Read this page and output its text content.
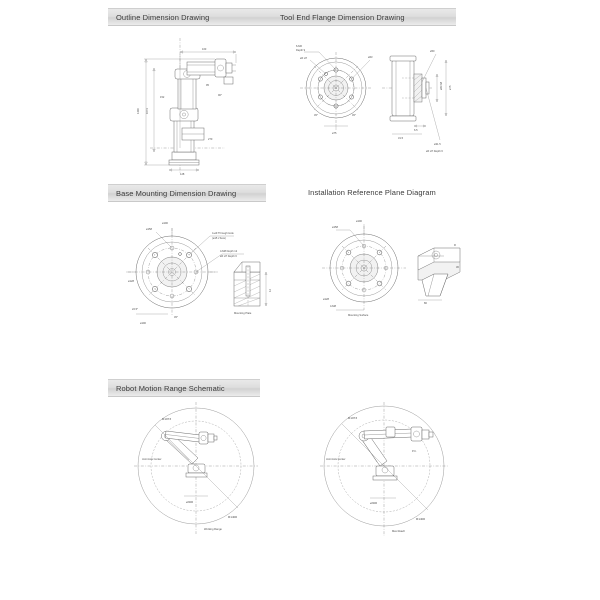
Outline Dimension Drawing	Tool End Flange Dimension Drawing
1400	1073
163
128
95
270
152
90°
6-M6
Depth 9
ø6 H7	ø63
45°
45°
ø75
ø63 h8	ø75
6.5
31.5
ø50
ø31.5
ø6 H7 Depth 6
Base Mounting Dimension Drawing	Installation Reference Plane Diagram
4-ø9 Through Hole
(ø15 c'bore)
4-M8 Depth 12
ø6 H7 Depth 6
ø158
ø190
ø128
22.5°
45°
ø190
12
Mounting Plate
ø158
ø190
ø128
4-M8
Mounting Surface
R
30
80
Robot Motion Range Schematic
R1073
R1400
ø300
Joint Axis Center
Working Range
R1073
R1400
Joint Axis Center
ø300
Max Reach
P.C.
